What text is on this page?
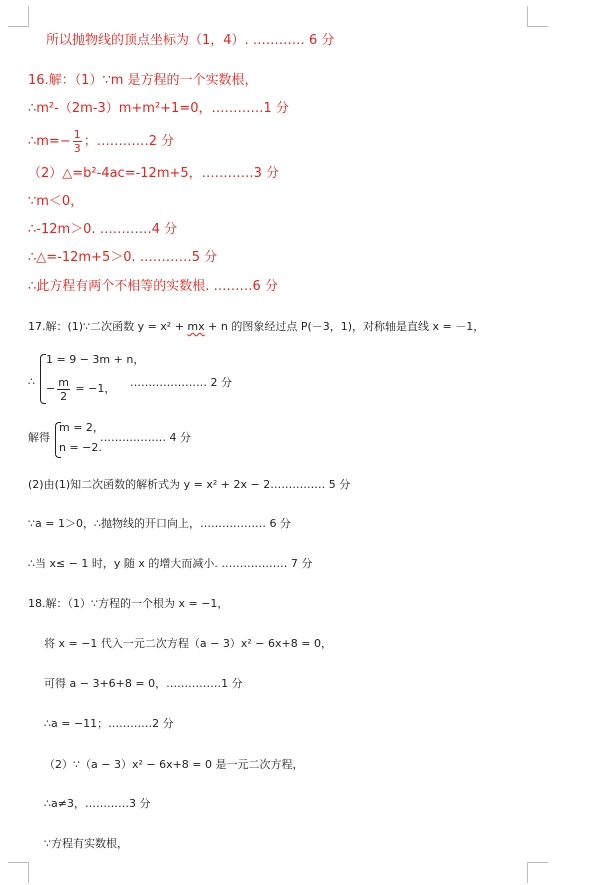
所以抛物线的顶点坐标为（1，4）. ………… 6 分
16.解：（1）∵m 是方程的一个实数根，
∴m²-（2m-3）m+m²+1=0，…………1 分
∴m=− $\frac{1}{3}$ ；…………2 分
（2）△=b²-4ac=-12m+5，…………3 分
∵m＜0，
∴-12m＞0. …………4 分
∴△=-12m+5＞0. …………5 分
∴此方程有两个不相等的实数根. ………6 分
17.解：(1)∵二次函数 y = x² + mx + n 的图象经过点 P(－3，1)，对称轴是直线 x = －1，
∴
1 = 9 − 3m + n，
− $\frac{m}{2} = -1$， ………………… 2 分
解得
m = 2，
n = −2.
……………… 4 分
(2)由(1)知二次函数的解析式为 y = x² + 2x − 2…………… 5 分
∵a = 1＞0，∴抛物线的开口向上，……………… 6 分
∴当 x≤ − 1 时，y 随 x 的增大而减小. ……………… 7 分
18.解：（1）∵方程的一个根为 x = −1，
将 x = −1 代入一元二次方程（a − 3）x² − 6x+8 = 0，
可得 a − 3+6+8 = 0，……………1 分
∴a = −11；…………2 分
（2）∵（a − 3）x² − 6x+8 = 0 是一元二次方程，
∴a≠3，…………3 分
∵方程有实数根，
